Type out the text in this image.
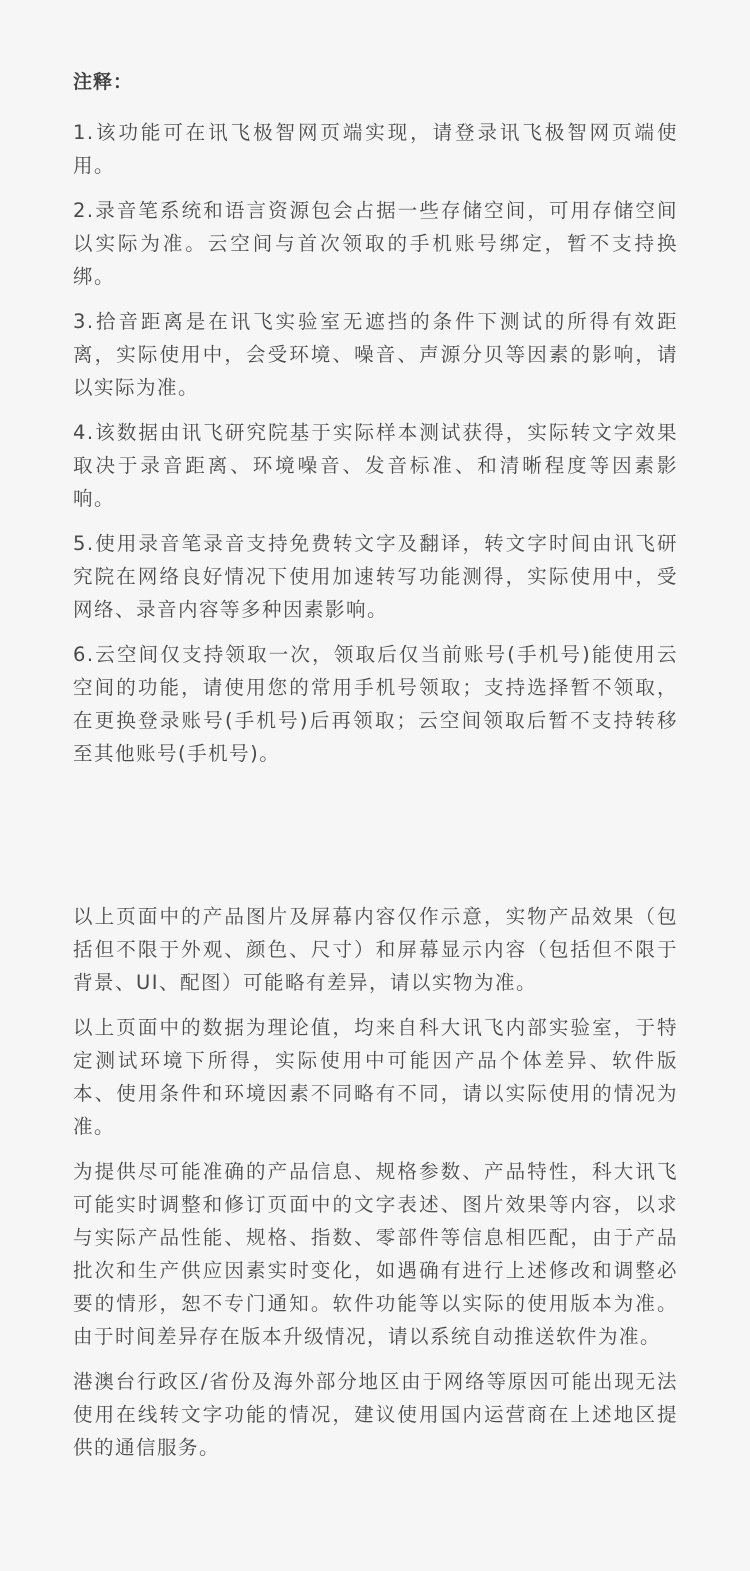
注释：

1.该功能可在讯飞极智网页端实现，请登录讯飞极智网页端使用。

2.录音笔系统和语言资源包会占据一些存储空间，可用存储空间以实际为准。云空间与首次领取的手机账号绑定，暂不支持换绑。

3.拾音距离是在讯飞实验室无遮挡的条件下测试的所得有效距离，实际使用中，会受环境、噪音、声源分贝等因素的影响，请以实际为准。

4.该数据由讯飞研究院基于实际样本测试获得，实际转文字效果取决于录音距离、环境噪音、发音标准、和清晰程度等因素影响。

5.使用录音笔录音支持免费转文字及翻译，转文字时间由讯飞研究院在网络良好情况下使用加速转写功能测得，实际使用中，受网络、录音内容等多种因素影响。

6.云空间仅支持领取一次，领取后仅当前账号(手机号)能使用云空间的功能，请使用您的常用手机号领取；支持选择暂不领取，在更换登录账号(手机号)后再领取；云空间领取后暂不支持转移至其他账号(手机号)。

以上页面中的产品图片及屏幕内容仅作示意，实物产品效果（包括但不限于外观、颜色、尺寸）和屏幕显示内容（包括但不限于背景、UI、配图）可能略有差异，请以实物为准。

以上页面中的数据为理论值，均来自科大讯飞内部实验室，于特定测试环境下所得，实际使用中可能因产品个体差异、软件版本、使用条件和环境因素不同略有不同，请以实际使用的情况为准。

为提供尽可能准确的产品信息、规格参数、产品特性，科大讯飞可能实时调整和修订页面中的文字表述、图片效果等内容，以求与实际产品性能、规格、指数、零部件等信息相匹配，由于产品批次和生产供应因素实时变化，如遇确有进行上述修改和调整必要的情形，恕不专门通知。软件功能等以实际的使用版本为准。由于时间差异存在版本升级情况，请以系统自动推送软件为准。

港澳台行政区/省份及海外部分地区由于网络等原因可能出现无法使用在线转文字功能的情况，建议使用国内运营商在上述地区提供的通信服务。
